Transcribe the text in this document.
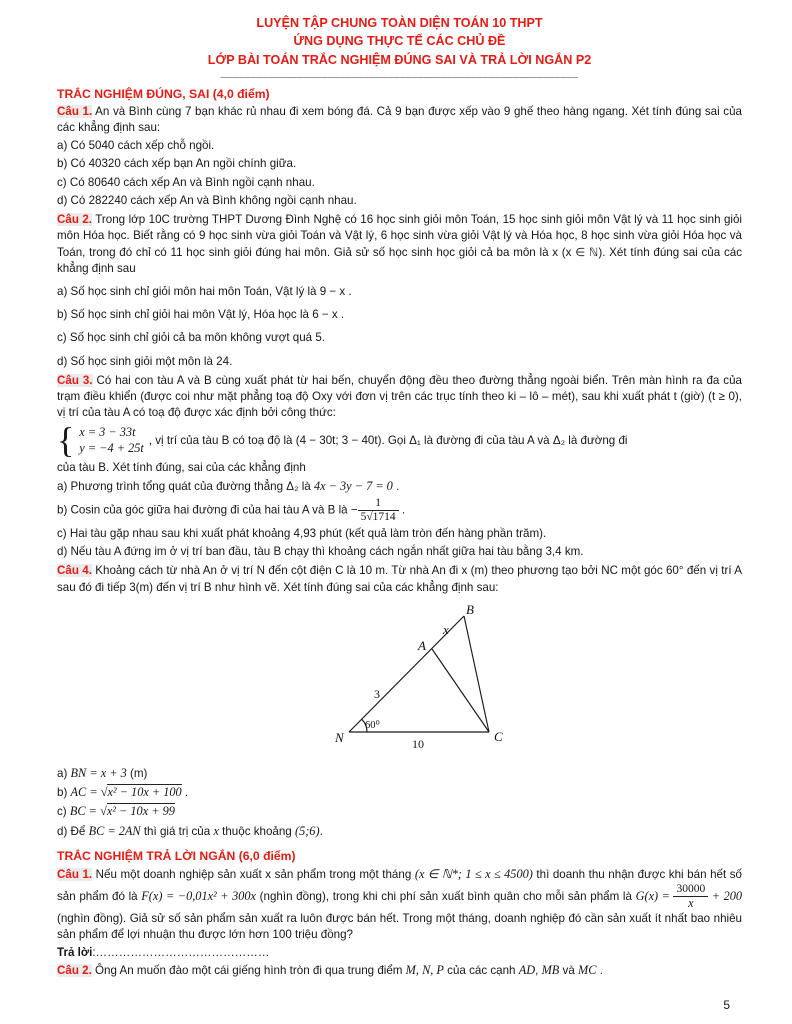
LUYỆN TẬP CHUNG TOÀN DIỆN TOÁN 10 THPT
ỨNG DỤNG THỰC TẾ CÁC CHỦ ĐỀ
LỚP BÀI TOÁN TRẮC NGHIỆM ĐÚNG SAI VÀ TRẢ LỜI NGẮN P2
____________________________________________________________
TRẮC NGHIỆM ĐÚNG, SAI (4,0 điểm)

Câu 1. An và Bình cùng 7 bạn khác rủ nhau đi xem bóng đá. Cả 9 bạn được xếp vào 9 ghế theo hàng ngang. Xét tính đúng sai của các khẳng định sau:

a) Có 5040 cách xếp chỗ ngồi.
b) Có 40320 cách xếp bạn An ngồi chính giữa.
c) Có 80640 cách xếp An và Bình ngồi cạnh nhau.
d) Có 282240 cách xếp An và Bình không ngồi cạnh nhau.

Câu 2. Trong lớp 10C trường THPT Dương Đình Nghệ có 16 học sinh giỏi môn Toán, 15 học sinh giỏi môn Vật lý và 11 học sinh giỏi môn Hóa học. Biết rằng có 9 học sinh vừa giỏi Toán và Vật lý, 6 học sinh vừa giỏi Vật lý và Hóa học, 8 học sinh vừa giỏi Hóa học và Toán, trong đó chỉ có 11 học sinh giỏi đúng hai môn. Giả sử số học sinh học giỏi cả ba môn là x (x ∈ ℕ). Xét tính đúng sai của các khẳng định sau

a) Số học sinh chỉ giỏi môn hai môn Toán, Vật lý là 9 − x .
b) Số học sinh chỉ giỏi hai môn Vật lý, Hóa học là 6 − x .
c) Số học sinh chỉ giỏi cả ba môn không vượt quá 5.
d) Số học sinh giỏi một môn là 24.

Câu 3. Có hai con tàu A và B cùng xuất phát từ hai bến, chuyển động đều theo đường thẳng ngoài biển. Trên màn hình ra đa của trạm điều khiển (được coi như mặt phẳng toạ độ Oxy với đơn vị trên các trục tính theo ki – lô – mét), sau khi xuất phát t (giờ) (t ≥ 0), vị trí của tàu A có toạ độ được xác định bởi công thức:

{ x = 3 − 33t
y = −4 + 25t
, vị trí của tàu B có toạ độ là (4 − 30t; 3 − 40t). Gọi Δ₁ là đường đi của tàu A và Δ₂ là đường đi
của tàu B. Xét tính đúng, sai của các khẳng định
a) Phương trình tổng quát của đường thẳng Δ₂ là 4x − 3y − 7 = 0 .
b) Cosin của góc giữa hai đường đi của hai tàu A và B là − $\frac{1}{5√1714}$ .
c) Hai tàu gặp nhau sau khi xuất phát khoảng 4,93 phút (kết quả làm tròn đến hàng phần trăm).
d) Nếu tàu A đứng im ở vị trí ban đầu, tàu B chạy thì khoảng cách ngắn nhất giữa hai tàu bằng 3,4 km.

Câu 4. Khoảng cách từ nhà An ở vị trí N đến cột điện C là 10 m. Từ nhà An đi x (m) theo phương tạo bởi NC một góc 60° đến vị trí A sau đó đi tiếp 3(m) đến vị trí B như hình vẽ. Xét tính đúng sai của các khẳng định sau:

B
A
N	C
3
x
60⁰
10
a) BN = x + 3 (m)
b) AC = √x² − 10x + 100 .
c) BC = √x² − 10x + 99
d) Để BC = 2AN thì giá trị của x thuộc khoảng (5;6).
TRẮC NGHIỆM TRẢ LỜI NGẮN (6,0 điểm)

Câu 1. Nếu một doanh nghiệp sản xuất x sản phẩm trong một tháng (x ∈ ℕ*; 1 ≤ x ≤ 4500) thì doanh thu nhận được khi bán hết số sản phẩm đó là F(x) = −0,01x² + 300x (nghìn đồng), trong khi chi phí sản xuất bình quân cho mỗi sản phẩm là $G(x) = \frac{30000}{x} + 200$ (nghìn đồng). Giả sử số sản phẩm sản xuất ra luôn được bán hết. Trong một tháng, doanh nghiệp đó cần sản xuất ít nhất bao nhiêu sản phẩm để lợi nhuận thu được lớn hơn 100 triệu đồng?

Trả lời:………………………………………

Câu 2. Ông An muốn đào một cái giếng hình tròn đi qua trung điểm M, N, P của các cạnh AD, MB và MC .

5
